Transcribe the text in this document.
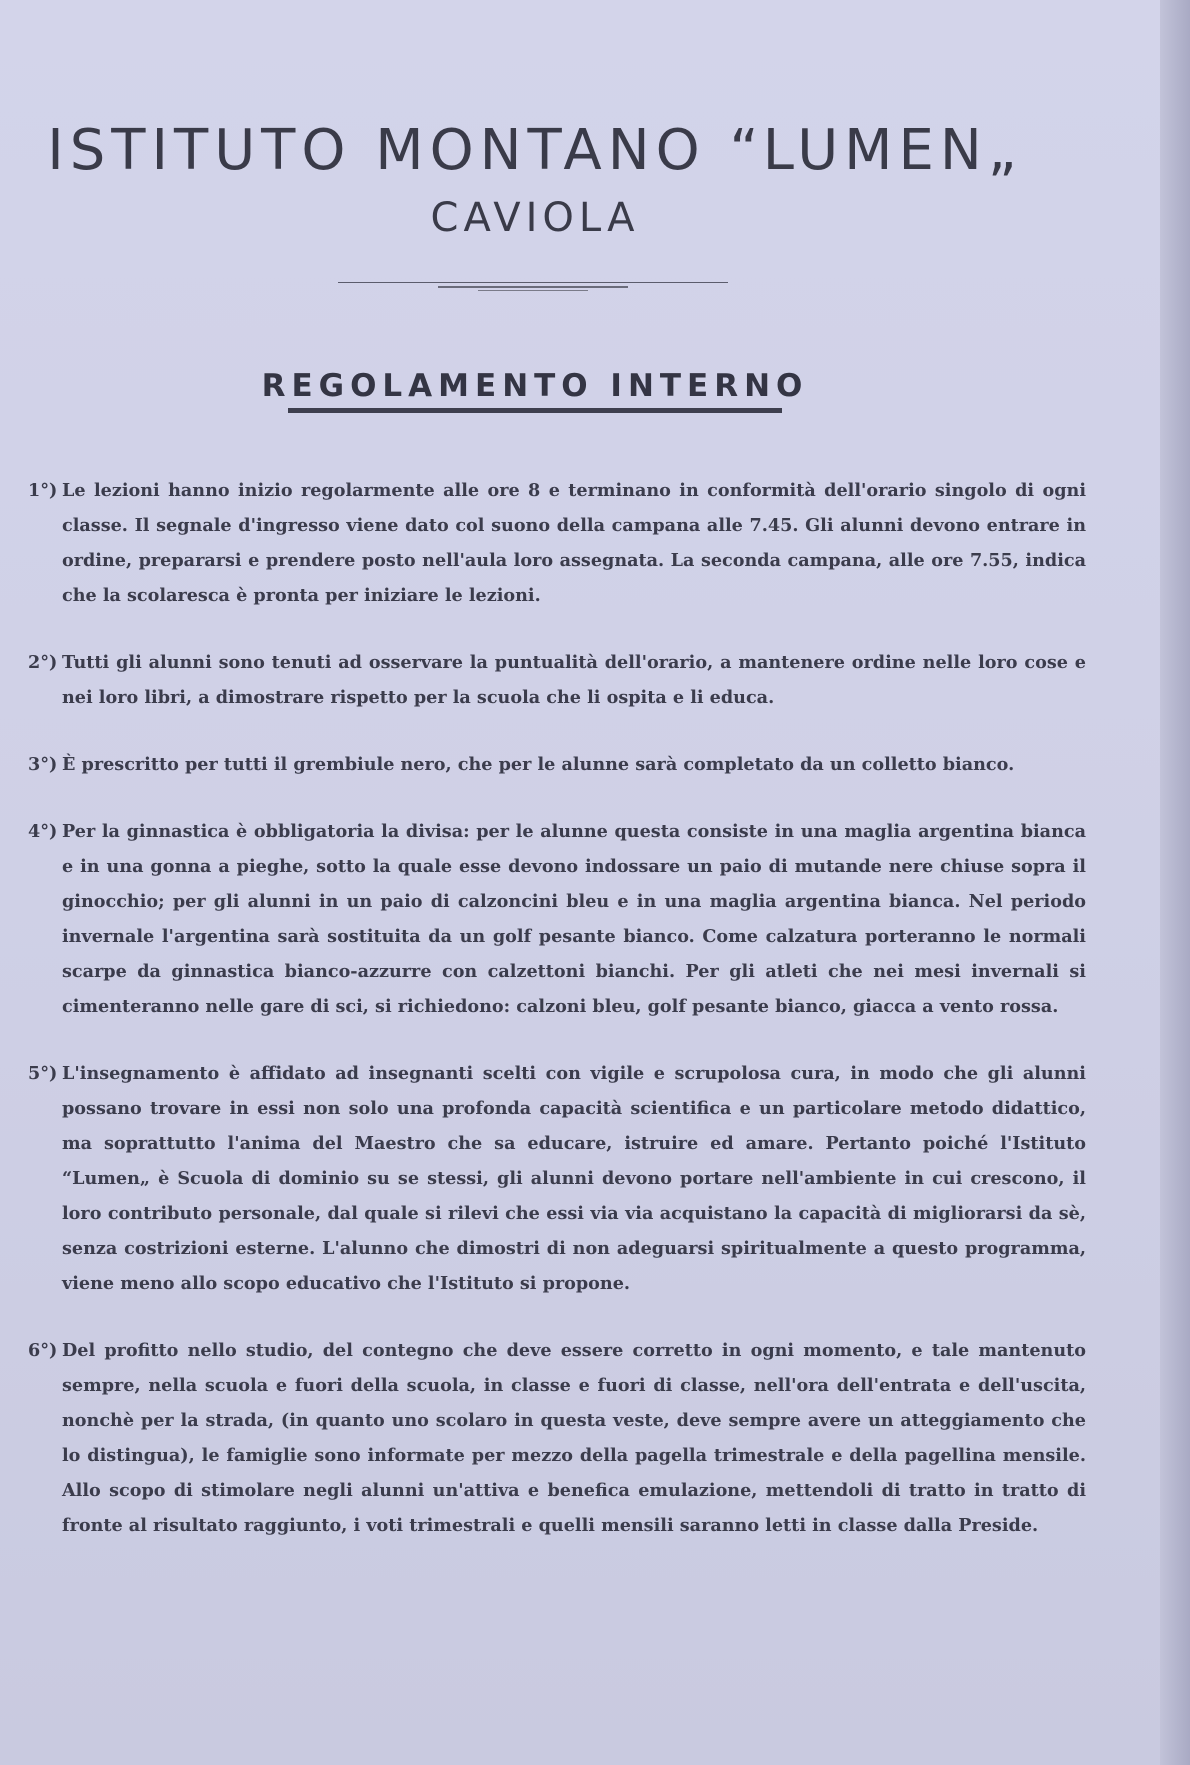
ISTITUTO MONTANO “LUMEN„
CAVIOLA
REGOLAMENTO INTERNO
1°) Le lezioni hanno inizio regolarmente alle ore 8 e terminano in conformità dell'orario singolo di ogni classe. Il segnale d'ingresso viene dato col suono della campana alle 7.45. Gli alunni devono entrare in ordine, prepararsi e prendere posto nell'aula loro assegnata. La seconda campana, alle ore 7.55, indica che la scolaresca è pronta per iniziare le lezioni.

2°) Tutti gli alunni sono tenuti ad osservare la puntualità dell'orario, a mantenere ordine nelle loro cose e nei loro libri, a dimostrare rispetto per la scuola che li ospita e li educa.

3°) È prescritto per tutti il grembiule nero, che per le alunne sarà completato da un colletto bianco.

4°) Per la ginnastica è obbligatoria la divisa: per le alunne questa consiste in una maglia argentina bianca e in una gonna a pieghe, sotto la quale esse devono indossare un paio di mutande nere chiuse sopra il ginocchio; per gli alunni in un paio di calzoncini bleu e in una maglia argentina bianca. Nel periodo invernale l'argentina sarà sostituita da un golf pesante bianco. Come calzatura porteranno le normali scarpe da ginnastica bianco-azzurre con calzettoni bianchi. Per gli atleti che nei mesi invernali si cimenteranno nelle gare di sci, si richiedono: calzoni bleu, golf pesante bianco, giacca a vento rossa.

5°) L'insegnamento è affidato ad insegnanti scelti con vigile e scrupolosa cura, in modo che gli alunni possano trovare in essi non solo una profonda capacità scientifica e un particolare metodo didattico, ma soprattutto l'anima del Maestro che sa educare, istruire ed amare. Pertanto poiché l'Istituto “Lumen„ è Scuola di dominio su se stessi, gli alunni devono portare nell'ambiente in cui crescono, il loro contributo personale, dal quale si rilevi che essi via via acquistano la capacità di migliorarsi da sè, senza costrizioni esterne. L'alunno che dimostri di non adeguarsi spiritualmente a questo programma, viene meno allo scopo educativo che l'Istituto si propone.

6°) Del profitto nello studio, del contegno che deve essere corretto in ogni momento, e tale mantenuto sempre, nella scuola e fuori della scuola, in classe e fuori di classe, nell'ora dell'entrata e dell'uscita, nonchè per la strada, (in quanto uno scolaro in questa veste, deve sempre avere un atteggiamento che lo distingua), le famiglie sono informate per mezzo della pagella trimestrale e della pagellina mensile. Allo scopo di stimolare negli alunni un'attiva e benefica emulazione, mettendoli di tratto in tratto di fronte al risultato raggiunto, i voti trimestrali e quelli mensili saranno letti in classe dalla Preside.
